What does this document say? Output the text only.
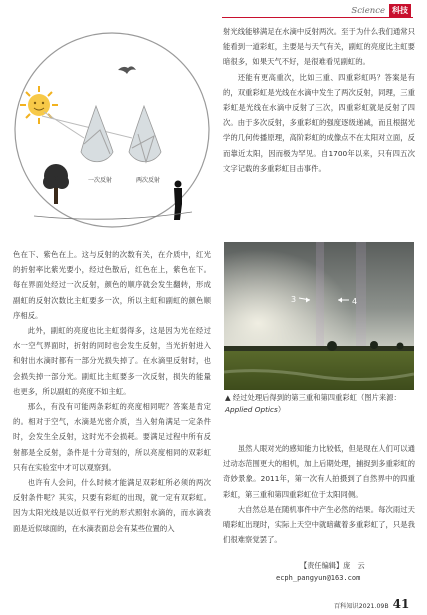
Science 科技
一次反射	两次反射

射光线能够满足在水滴中反射两次。至于为什么我们通常只能看到一道彩虹，主要是与天气有关，副虹的亮度比主虹要暗很多，如果天气不好，是很难看见副虹的。

还能有更高重次，比如三重、四重彩虹吗？答案是有的，双重彩虹是光线在水滴中发生了两次反射，同理，三重彩虹是光线在水滴中反射了三次，四重彩虹就是反射了四次。由于多次反射，多重彩虹的强度逐级递减，而且根据光学的几何传播原理，高阶彩虹的成像点不在太阳对立面，反而靠近太阳，因而极为罕见。自1700年以来，只有四五次文字记载的多重彩虹目击事件。

色在下、紫色在上。这与反射的次数有关，在介质中，红光的折射率比紫光要小，经过色散后，红色在上，紫色在下。每在界面处经过一次反射，颜色的顺序就会发生翻转，形成副虹的反射次数比主虹要多一次，所以主虹和副虹的颜色顺序相反。

此外，副虹的亮度也比主虹弱得多，这是因为光在经过水一空气界面时，折射的同时也会发生反射，当光折射进入和射出水滴时都有一部分光损失掉了。在水滴里反射时，也会损失掉一部分光。副虹比主虹要多一次反射，损失的能量也更多，所以副虹的亮度不如主虹。

那么，有没有可能两条彩虹的亮度相同呢？答案是肯定的。相对于空气，水滴是光密介质，当入射角满足一定条件时，会发生全反射，这时光不会损耗。要满足过程中所有反射都是全反射，条件是十分苛刻的，所以亮度相同的双彩虹只有在实验室中才可以观察到。

也许有人会问，什么时候才能满足双彩虹所必须的两次反射条件呢？其实，只要有彩虹的出现，就一定有双彩虹。因为太阳光线是以近似平行光的形式照射水滴的，而水滴表面是近似球面的，在水滴表面总会有某些位置的入

3	4
▲ 经过处理后得到的第三重和第四重彩虹（图片来源：Applied Optics）

虽然人眼对光的感知能力比较低，但是现在人们可以通过动态范围更大的相机，加上后期处理，捕捉到多重彩虹的奇妙景象。2011年，第一次有人拍摄到了自然界中的四重彩虹，第三重和第四重彩虹位于太阳同侧。

大自然总是在随机事件中产生必然的结果。每次雨过天晴彩虹出现时，实际上天空中就暗藏着多重彩虹了，只是我们很难察觉罢了。

【责任编辑】庞　云
ecph_pangyun@163.com
百科知识2021.09B 41
